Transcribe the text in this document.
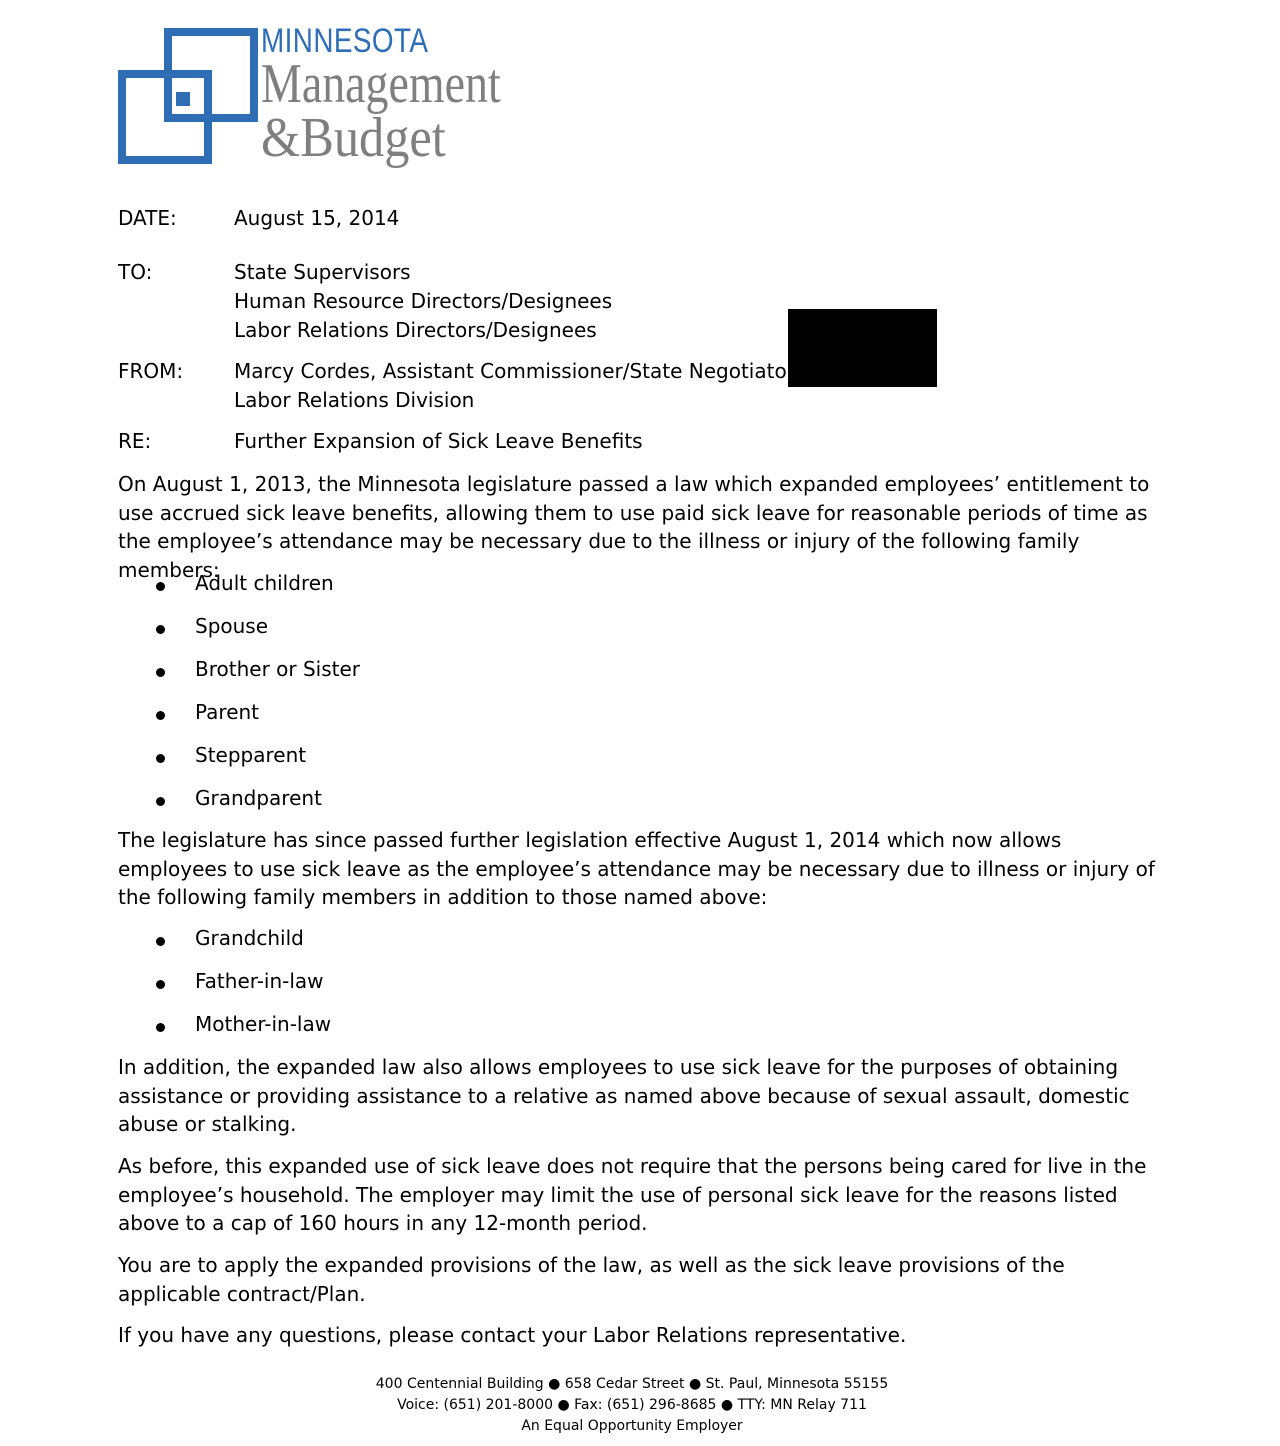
MINNESOTA
Management
&Budget
DATE:	August 15, 2014
TO:	State Supervisors
Human Resource Directors/Designees
Labor Relations Directors/Designees
FROM:	Marcy Cordes, Assistant Commissioner/State Negotiator
Labor Relations Division
RE:	Further Expansion of Sick Leave Benefits
On August 1, 2013, the Minnesota legislature passed a law which expanded employees’ entitlement to use accrued sick leave benefits, allowing them to use paid sick leave for reasonable periods of time as the employee’s attendance may be necessary due to the illness or injury of the following family members:
Adult children
Spouse
Brother or Sister
Parent
Stepparent
Grandparent
The legislature has since passed further legislation effective August 1, 2014 which now allows employees to use sick leave as the employee’s attendance may be necessary due to illness or injury of the following family members in addition to those named above:
Grandchild
Father-in-law
Mother-in-law
In addition, the expanded law also allows employees to use sick leave for the purposes of obtaining assistance or providing assistance to a relative as named above because of sexual assault, domestic abuse or stalking.
As before, this expanded use of sick leave does not require that the persons being cared for live in the employee’s household. The employer may limit the use of personal sick leave for the reasons listed above to a cap of 160 hours in any 12-month period.
You are to apply the expanded provisions of the law, as well as the sick leave provisions of the applicable contract/Plan.
If you have any questions, please contact your Labor Relations representative.
400 Centennial Building ● 658 Cedar Street ● St. Paul, Minnesota 55155
Voice: (651) 201-8000 ● Fax: (651) 296-8685 ● TTY: MN Relay 711
An Equal Opportunity Employer
